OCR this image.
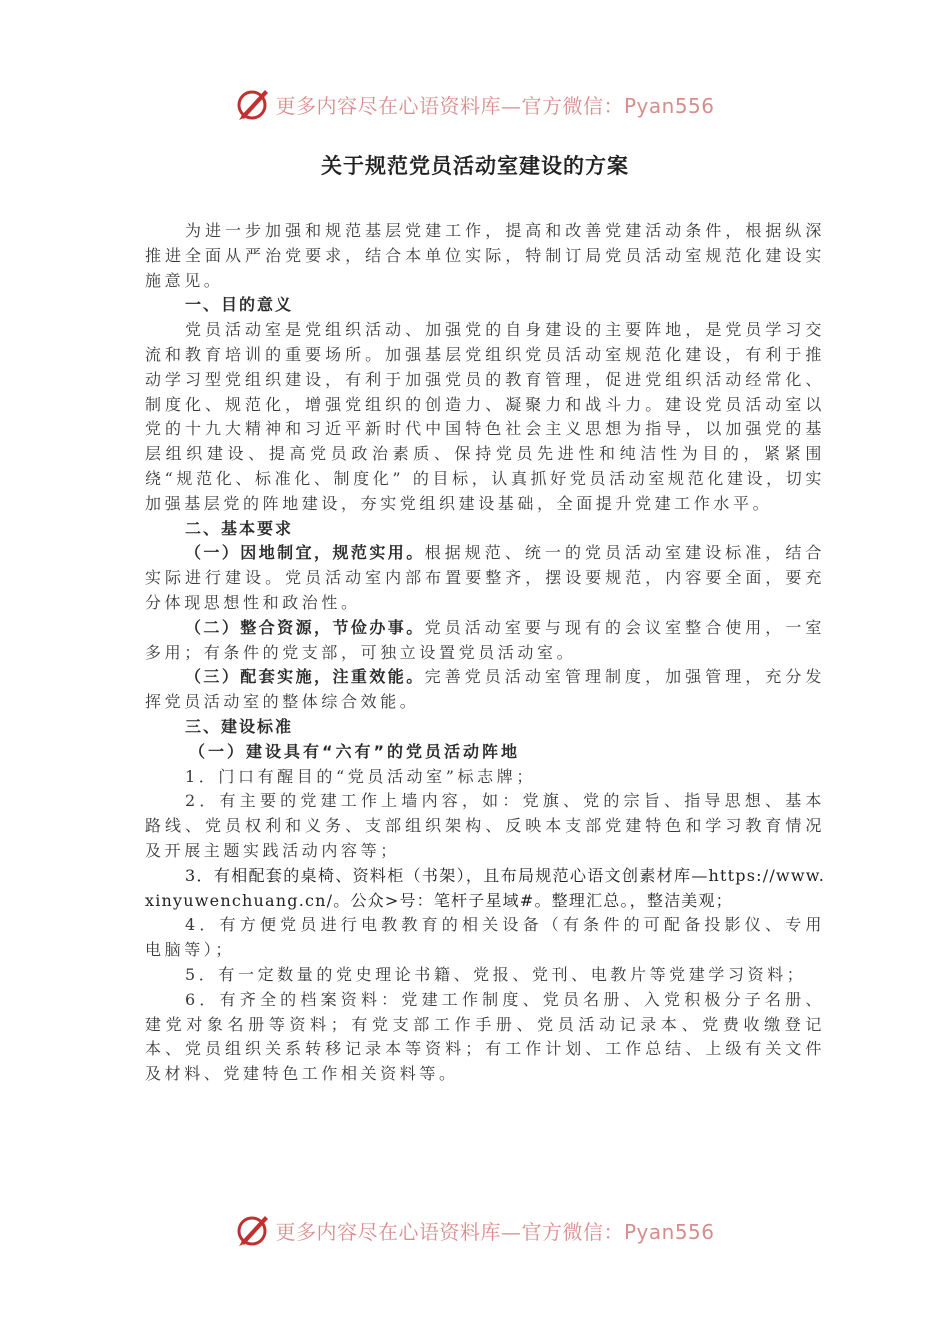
更多内容尽在心语资料库—官方微信：Pyan556
关于规范党员活动室建设的方案

为进一步加强和规范基层党建工作，提高和改善党建活动条件，根据纵深推进全面从严治党要求，结合本单位实际，特制订局党员活动室规范化建设实施意见。

一、目的意义

党员活动室是党组织活动、加强党的自身建设的主要阵地，是党员学习交流和教育培训的重要场所。加强基层党组织党员活动室规范化建设，有利于推动学习型党组织建设，有利于加强党员的教育管理，促进党组织活动经常化、制度化、规范化，增强党组织的创造力、凝聚力和战斗力。建设党员活动室以党的十九大精神和习近平新时代中国特色社会主义思想为指导，以加强党的基层组织建设、提高党员政治素质、保持党员先进性和纯洁性为目的，紧紧围绕“规范化、标准化、制度化” 的目标，认真抓好党员活动室规范化建设，切实加强基层党的阵地建设，夯实党组织建设基础，全面提升党建工作水平。

二、基本要求

（一）因地制宜，规范实用。根据规范、统一的党员活动室建设标准，结合实际进行建设。党员活动室内部布置要整齐，摆设要规范，内容要全面，要充分体现思想性和政治性。

（二）整合资源，节俭办事。党员活动室要与现有的会议室整合使用，一室多用；有条件的党支部，可独立设置党员活动室。

（三）配套实施，注重效能。完善党员活动室管理制度，加强管理，充分发挥党员活动室的整体综合效能。

三、建设标准

（一）建设具有“六有”的党员活动阵地

1．门口有醒目的“党员活动室”标志牌；

2．有主要的党建工作上墙内容，如：党旗、党的宗旨、指导思想、基本路线、党员权利和义务、支部组织架构、反映本支部党建特色和学习教育情况及开展主题实践活动内容等；

3．有相配套的桌椅、资料柜（书架），且布局规范心语文创素材库—https://www.xinyuwenchuang.cn/。公众>号：笔杆子星域#。整理汇总。，整洁美观；

4．有方便党员进行电教教育的相关设备（有条件的可配备投影仪、专用电脑等）；

5．有一定数量的党史理论书籍、党报、党刊、电教片等党建学习资料；

6．有齐全的档案资料：党建工作制度、党员名册、入党积极分子名册、建党对象名册等资料；有党支部工作手册、党员活动记录本、党费收缴登记本、党员组织关系转移记录本等资料；有工作计划、工作总结、上级有关文件及材料、党建特色工作相关资料等。

更多内容尽在心语资料库—官方微信：Pyan556
